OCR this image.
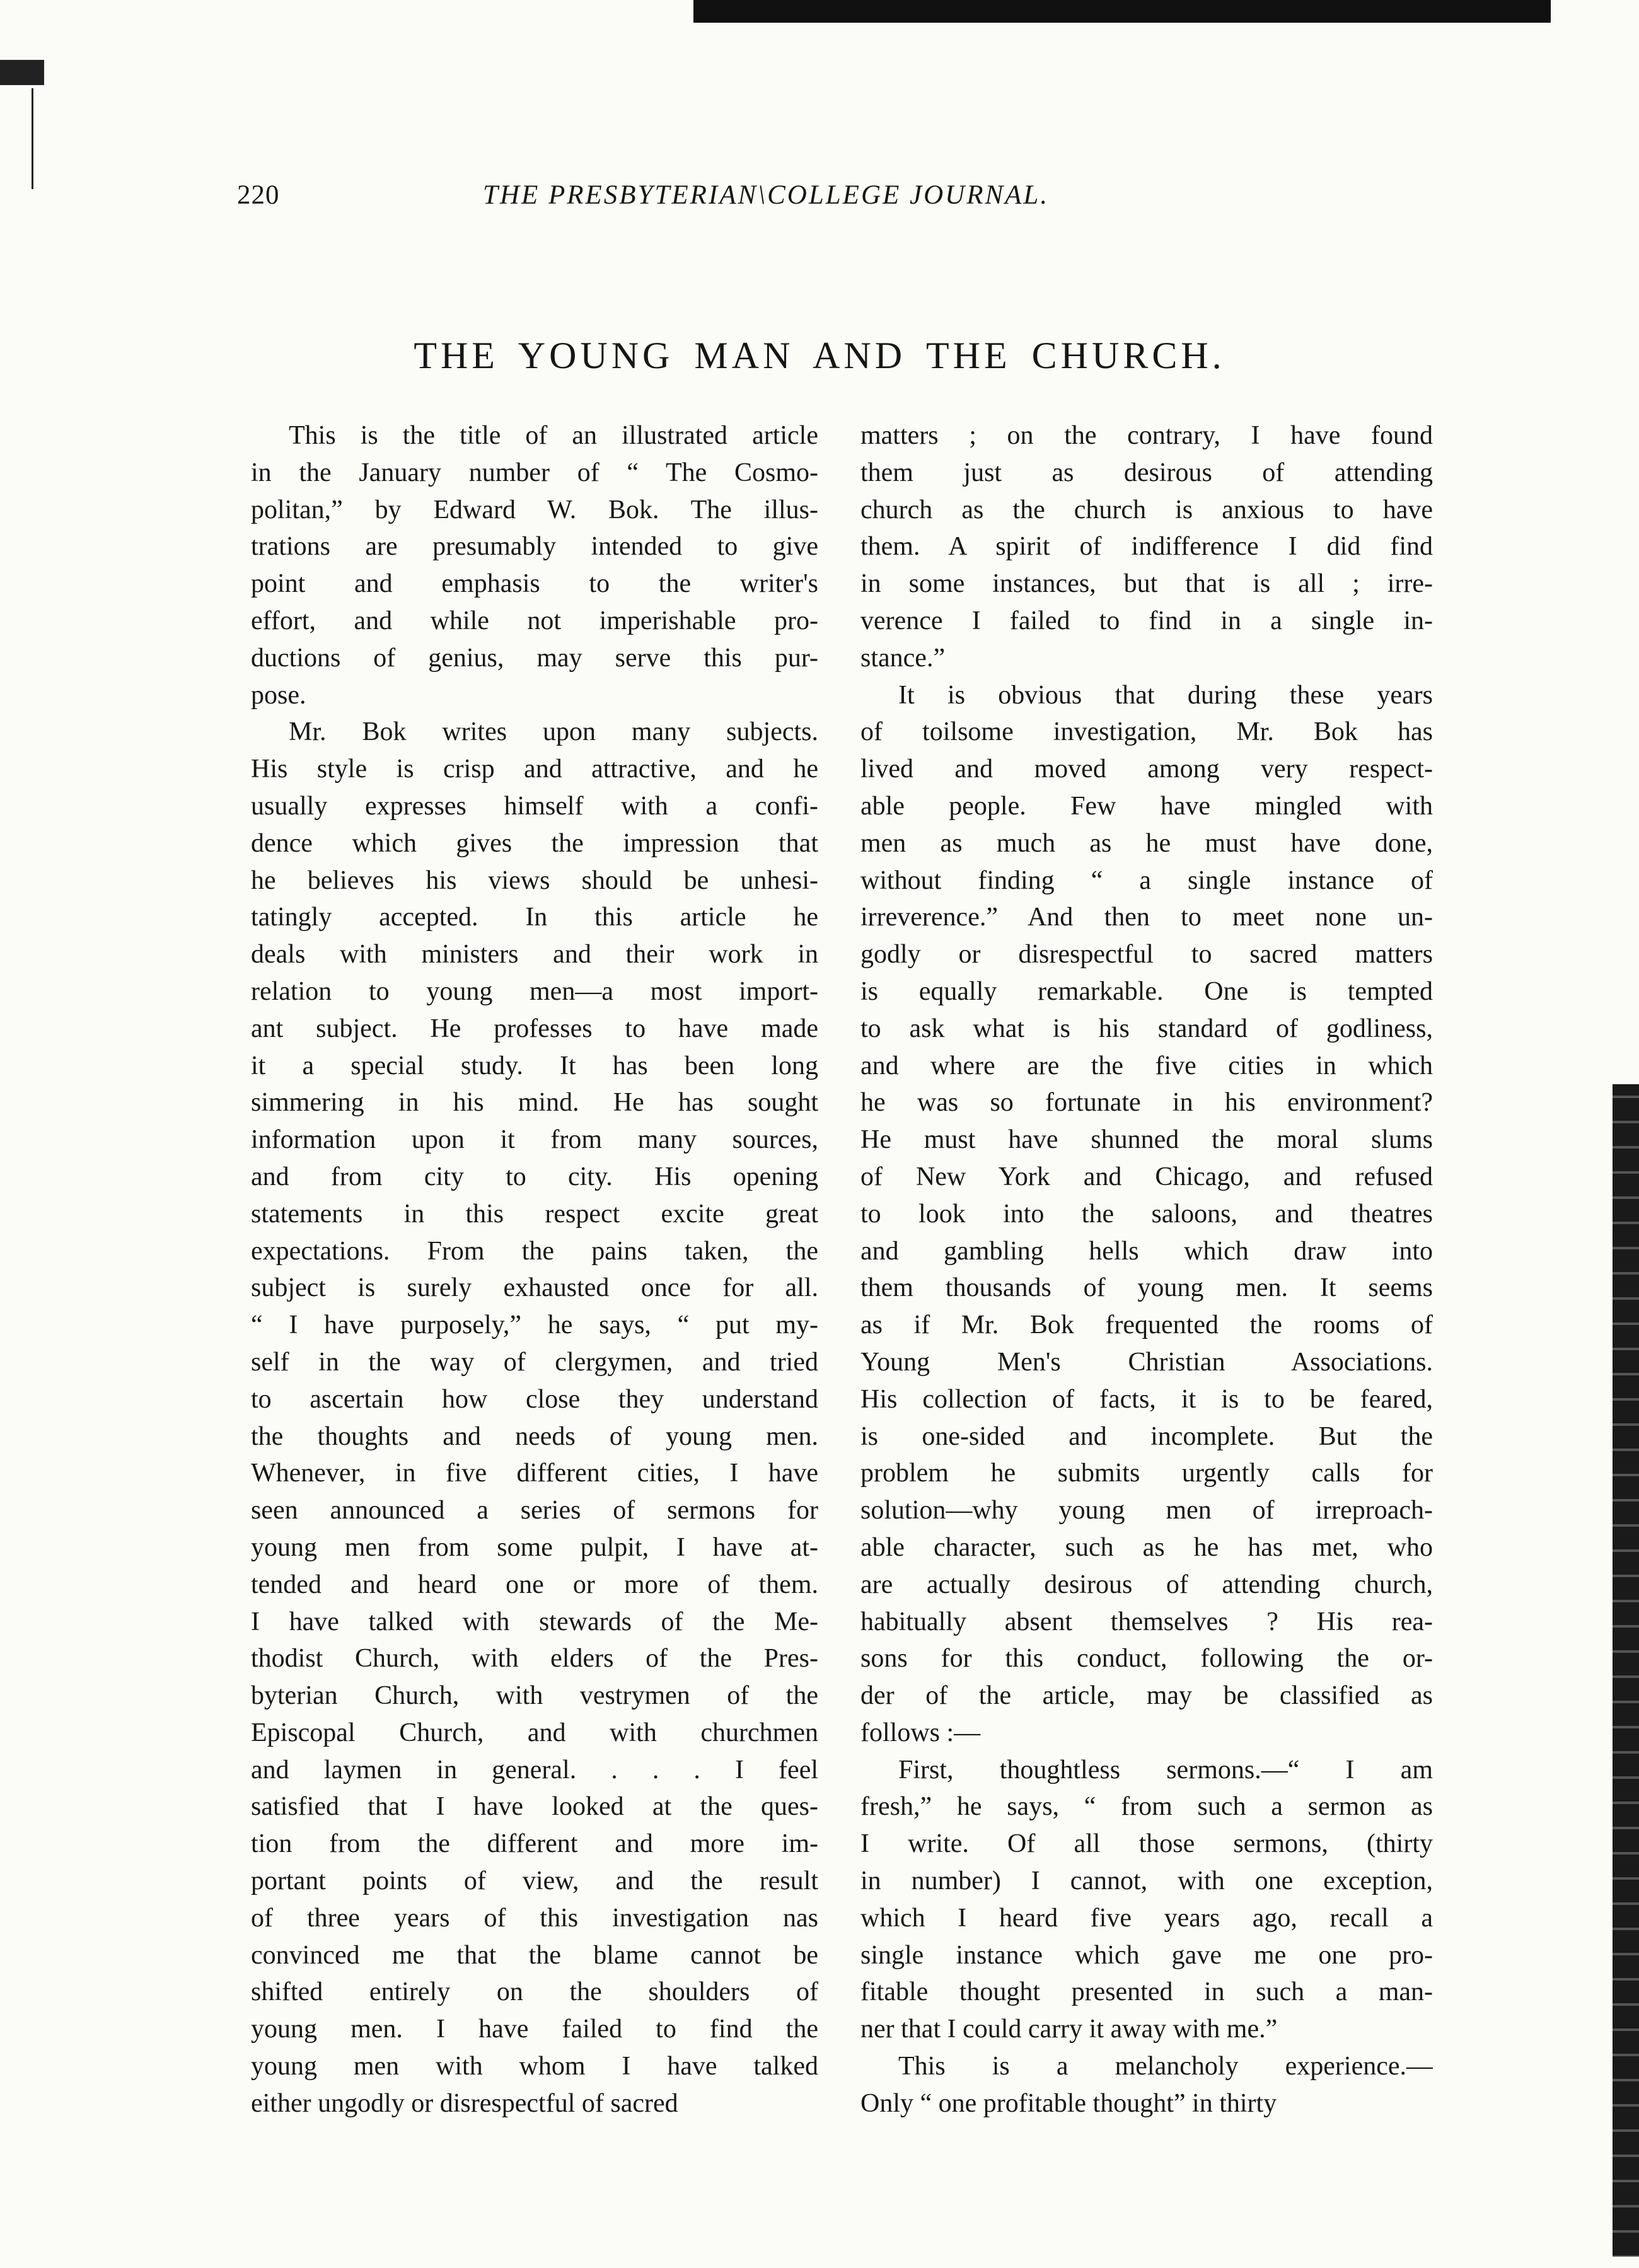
220	THE PRESBYTERIAN\COLLEGE JOURNAL.
THE YOUNG MAN AND THE CHURCH.
This is the title of an illustrated article
in the January number of “ The Cosmo-
politan,” by Edward W. Bok. The illus-
trations are presumably intended to give
point and emphasis to the writer's
effort, and while not imperishable pro-
ductions of genius, may serve this pur-
pose.
Mr. Bok writes upon many subjects.
His style is crisp and attractive, and he
usually expresses himself with a confi-
dence which gives the impression that
he believes his views should be unhesi-
tatingly accepted. In this article he
deals with ministers and their work in
relation to young men—a most import-
ant subject. He professes to have made
it a special study. It has been long
simmering in his mind. He has sought
information upon it from many sources,
and from city to city. His opening
statements in this respect excite great
expectations. From the pains taken, the
subject is surely exhausted once for all.
“ I have purposely,” he says, “ put my-
self in the way of clergymen, and tried
to ascertain how close they understand
the thoughts and needs of young men.
Whenever, in five different cities, I have
seen announced a series of sermons for
young men from some pulpit, I have at-
tended and heard one or more of them.
I have talked with stewards of the Me-
thodist Church, with elders of the Pres-
byterian Church, with vestrymen of the
Episcopal Church, and with churchmen
and laymen in general. . . . I feel
satisfied that I have looked at the ques-
tion from the different and more im-
portant points of view, and the result
of three years of this investigation nas
convinced me that the blame cannot be
shifted entirely on the shoulders of
young men. I have failed to find the
young men with whom I have talked
either ungodly or disrespectful of sacred
matters ; on the contrary, I have found
them just as desirous of attending
church as the church is anxious to have
them. A spirit of indifference I did find
in some instances, but that is all ; irre-
verence I failed to find in a single in-
stance.”
It is obvious that during these years
of toilsome investigation, Mr. Bok has
lived and moved among very respect-
able people. Few have mingled with
men as much as he must have done,
without finding “ a single instance of
irreverence.” And then to meet none un-
godly or disrespectful to sacred matters
is equally remarkable. One is tempted
to ask what is his standard of godliness,
and where are the five cities in which
he was so fortunate in his environment?
He must have shunned the moral slums
of New York and Chicago, and refused
to look into the saloons, and theatres
and gambling hells which draw into
them thousands of young men. It seems
as if Mr. Bok frequented the rooms of
Young Men's Christian Associations.
His collection of facts, it is to be feared,
is one-sided and incomplete. But the
problem he submits urgently calls for
solution—why young men of irreproach-
able character, such as he has met, who
are actually desirous of attending church,
habitually absent themselves ? His rea-
sons for this conduct, following the or-
der of the article, may be classified as
follows :—
First, thoughtless sermons.—“ I am
fresh,” he says, “ from such a sermon as
I write. Of all those sermons, (thirty
in number) I cannot, with one exception,
which I heard five years ago, recall a
single instance which gave me one pro-
fitable thought presented in such a man-
ner that I could carry it away with me.”
This is a melancholy experience.—
Only “ one profitable thought” in thirty
